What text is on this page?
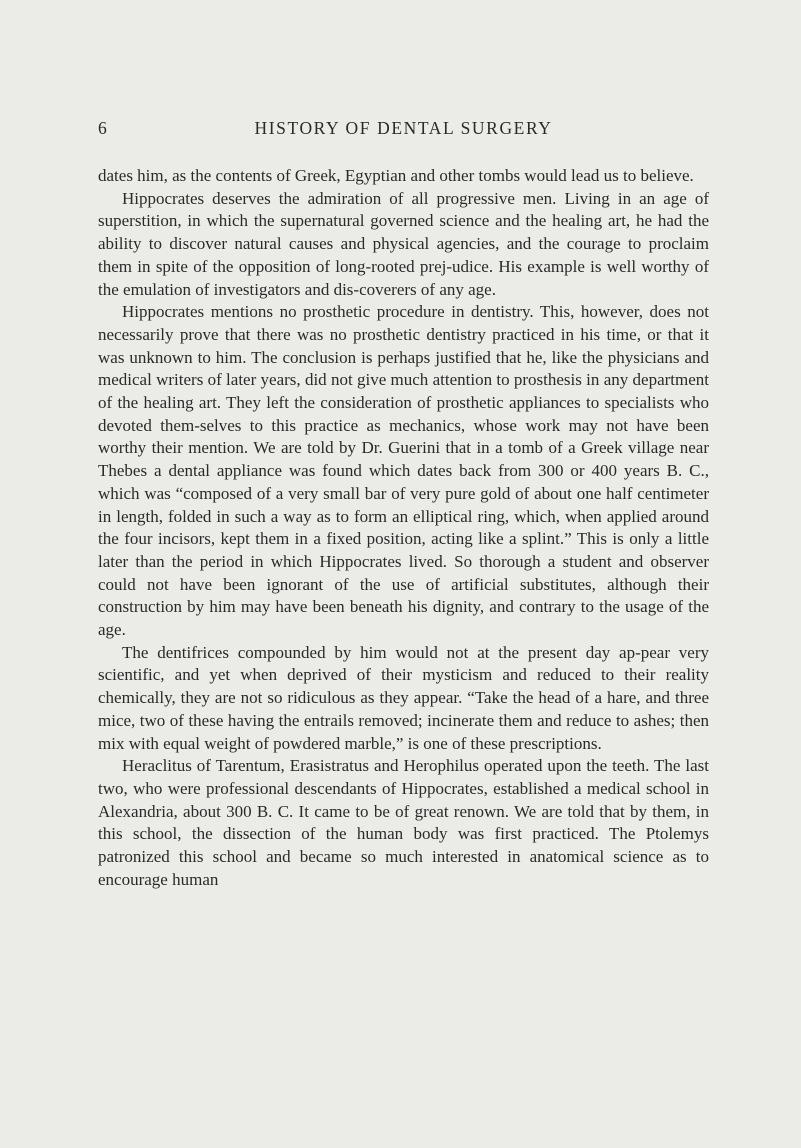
6	HISTORY OF DENTAL SURGERY

dates him, as the contents of Greek, Egyptian and other tombs would lead us to believe.

Hippocrates deserves the admiration of all progressive men. Living in an age of superstition, in which the supernatural governed science and the healing art, he had the ability to discover natural causes and physical agencies, and the courage to proclaim them in spite of the opposition of long-rooted prej-udice. His example is well worthy of the emulation of investigators and dis-coverers of any age.

Hippocrates mentions no prosthetic procedure in dentistry. This, however, does not necessarily prove that there was no prosthetic dentistry practiced in his time, or that it was unknown to him. The conclusion is perhaps justified that he, like the physicians and medical writers of later years, did not give much attention to prosthesis in any department of the healing art. They left the consideration of prosthetic appliances to specialists who devoted them-selves to this practice as mechanics, whose work may not have been worthy their mention. We are told by Dr. Guerini that in a tomb of a Greek village near Thebes a dental appliance was found which dates back from 300 or 400 years B. C., which was “composed of a very small bar of very pure gold of about one half centimeter in length, folded in such a way as to form an elliptical ring, which, when applied around the four incisors, kept them in a fixed position, acting like a splint.” This is only a little later than the period in which Hippocrates lived. So thorough a student and observer could not have been ignorant of the use of artificial substitutes, although their construction by him may have been beneath his dignity, and contrary to the usage of the age.

The dentifrices compounded by him would not at the present day ap-pear very scientific, and yet when deprived of their mysticism and reduced to their reality chemically, they are not so ridiculous as they appear. “Take the head of a hare, and three mice, two of these having the entrails removed; incinerate them and reduce to ashes; then mix with equal weight of powdered marble,” is one of these prescriptions.

Heraclitus of Tarentum, Erasistratus and Herophilus operated upon the teeth. The last two, who were professional descendants of Hippocrates, established a medical school in Alexandria, about 300 B. C. It came to be of great renown. We are told that by them, in this school, the dissection of the human body was first practiced. The Ptolemys patronized this school and became so much interested in anatomical science as to encourage human
